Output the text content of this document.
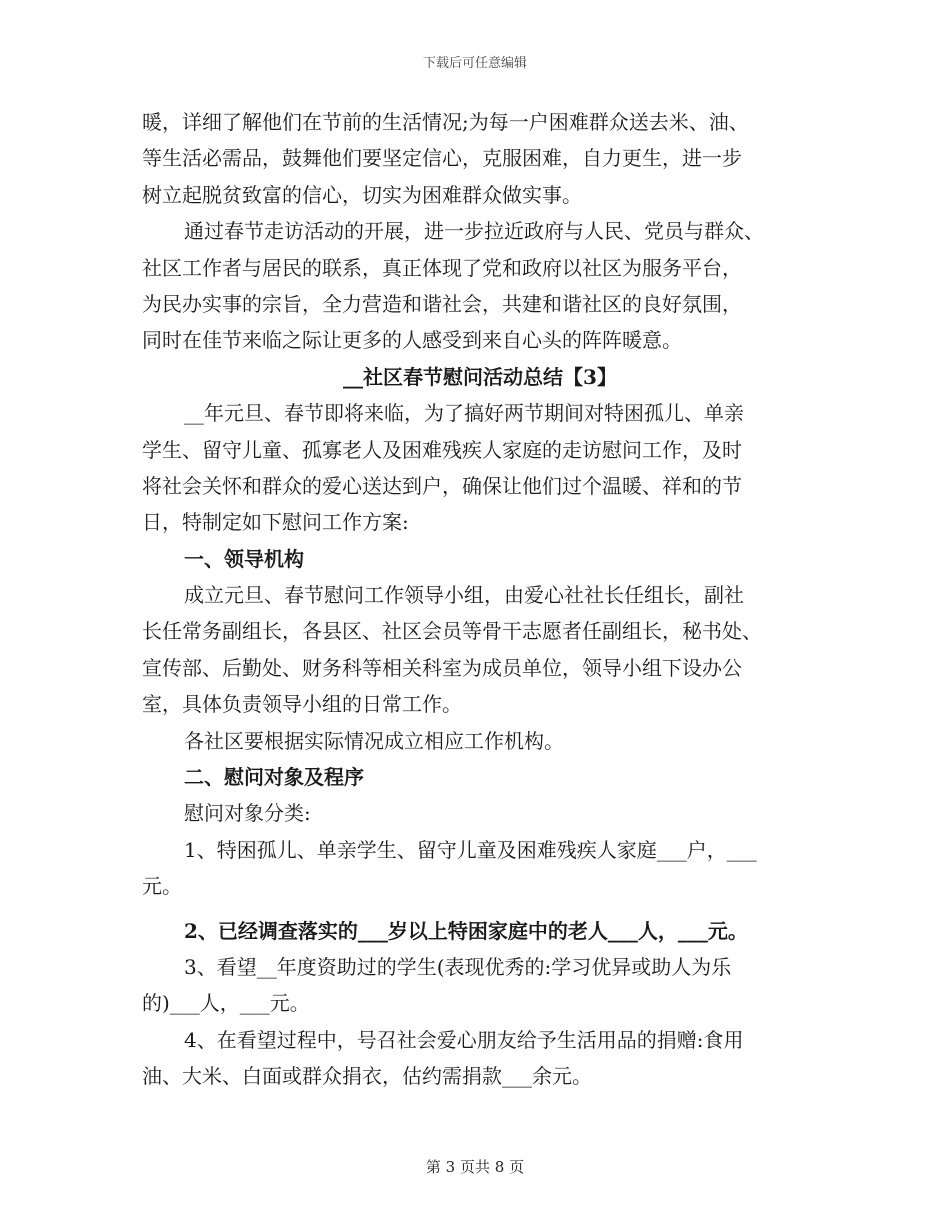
下载后可任意编辑
暖，详细了解他们在节前的生活情况;为每一户困难群众送去米、油、
等生活必需品，鼓舞他们要坚定信心，克服困难，自力更生，进一步
树立起脱贫致富的信心，切实为困难群众做实事。
通过春节走访活动的开展，进一步拉近政府与人民、党员与群众、
社区工作者与居民的联系，真正体现了党和政府以社区为服务平台，
为民办实事的宗旨，全力营造和谐社会，共建和谐社区的良好氛围，
同时在佳节来临之际让更多的人感受到来自心头的阵阵暖意。
__社区春节慰问活动总结【3】
__年元旦、春节即将来临，为了搞好两节期间对特困孤儿、单亲
学生、留守儿童、孤寡老人及困难残疾人家庭的走访慰问工作，及时
将社会关怀和群众的爱心送达到户，确保让他们过个温暖、祥和的节
日，特制定如下慰问工作方案:
一、领导机构
成立元旦、春节慰问工作领导小组，由爱心社社长任组长，副社
长任常务副组长，各县区、社区会员等骨干志愿者任副组长，秘书处、
宣传部、后勤处、财务科等相关科室为成员单位，领导小组下设办公
室，具体负责领导小组的日常工作。
各社区要根据实际情况成立相应工作机构。
二、慰问对象及程序
慰问对象分类:
1、特困孤儿、单亲学生、留守儿童及困难残疾人家庭___户，___
元。
2、已经调查落实的___岁以上特困家庭中的老人___人，___元。
3、看望__年度资助过的学生(表现优秀的:学习优异或助人为乐
的)___人，___元。
4、在看望过程中，号召社会爱心朋友给予生活用品的捐赠:食用
油、大米、白面或群众捐衣，估约需捐款___余元。
第 3 页共 8 页
